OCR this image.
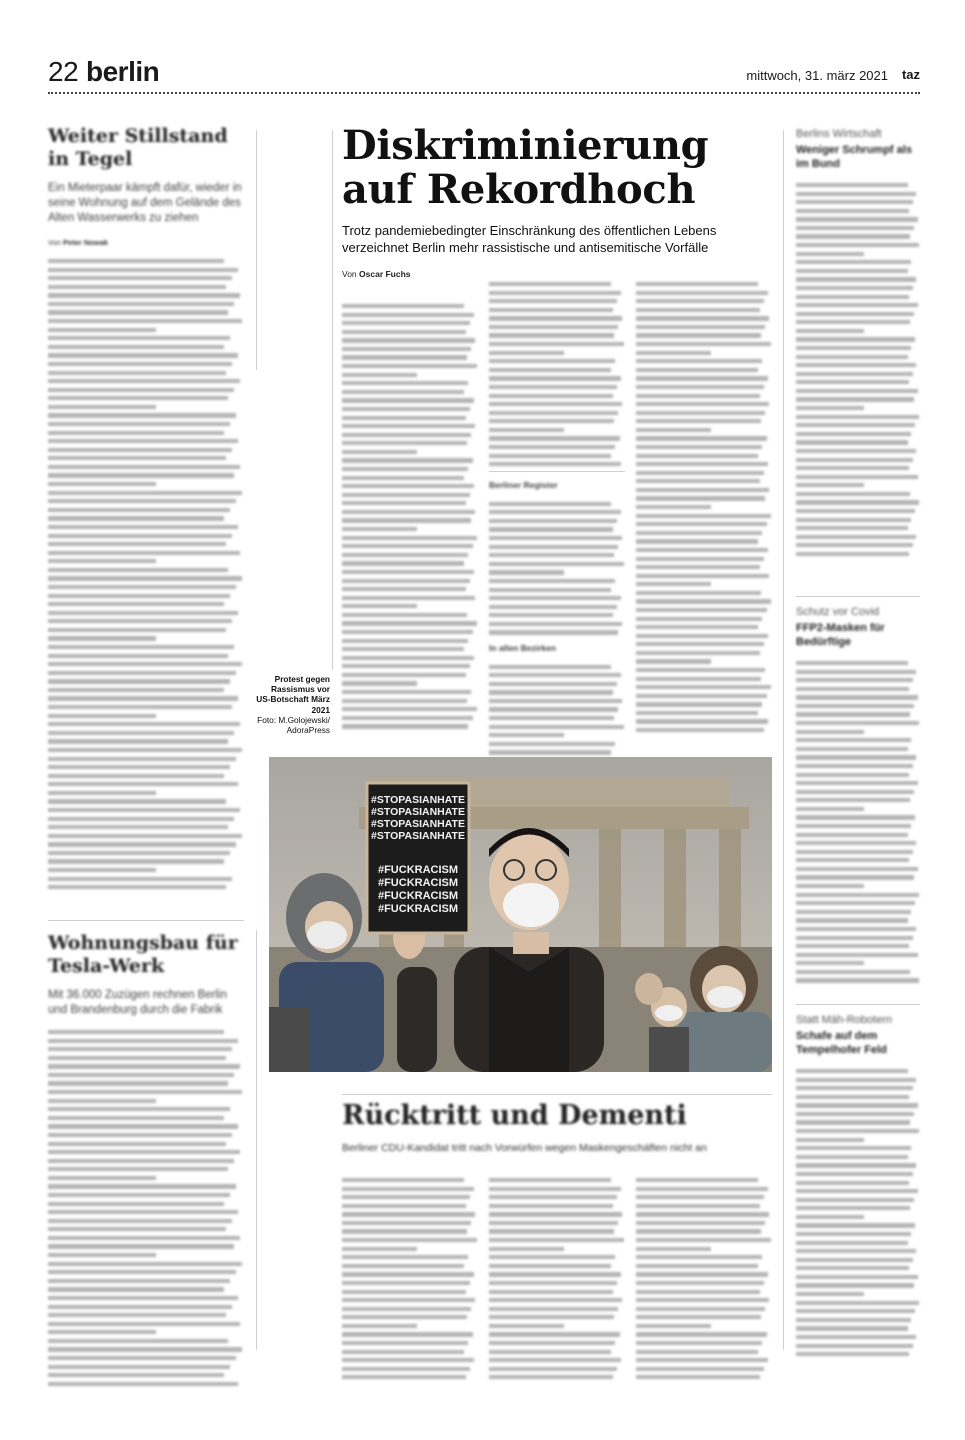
22 berlin	mittwoch, 31. märz 2021 taz
Weiter Stillstand in Tegel
Ein Mieterpaar kämpft dafür, wieder in seine Wohnung auf dem Gelände des Alten Wasserwerks zu ziehen
Von Peter Nowak
Wohnungsbau für Tesla-Werk
Mit 36.000 Zuzügen rechnen Berlin und Brandenburg durch die Fabrik
Diskriminierung auf Rekordhoch
Trotz pandemiebedingter Einschränkung des öffentlichen Lebens verzeichnet Berlin mehr rassistische und antisemitische Vorfälle
Von Oscar Fuchs
Berliner Register
In allen Bezirken
Protest gegen Rassismus vor US-Botschaft März 2021
Foto: M.Golojewski/ AdoraPress
#STOPASIANHATE
#STOPASIANHATE
#STOPASIANHATE
#STOPASIANHATE
#FUCKRACISM
#FUCKRACISM
#FUCKRACISM
#FUCKRACISM
Rücktritt und Dementi
Berliner CDU-Kandidat tritt nach Vorwürfen wegen Maskengeschäften nicht an
Berlins Wirtschaft
Weniger Schrumpf als im Bund
Schutz vor Covid
FFP2-Masken für Bedürftige
Statt Mäh-Robotern
Schafe auf dem Tempelhofer Feld
